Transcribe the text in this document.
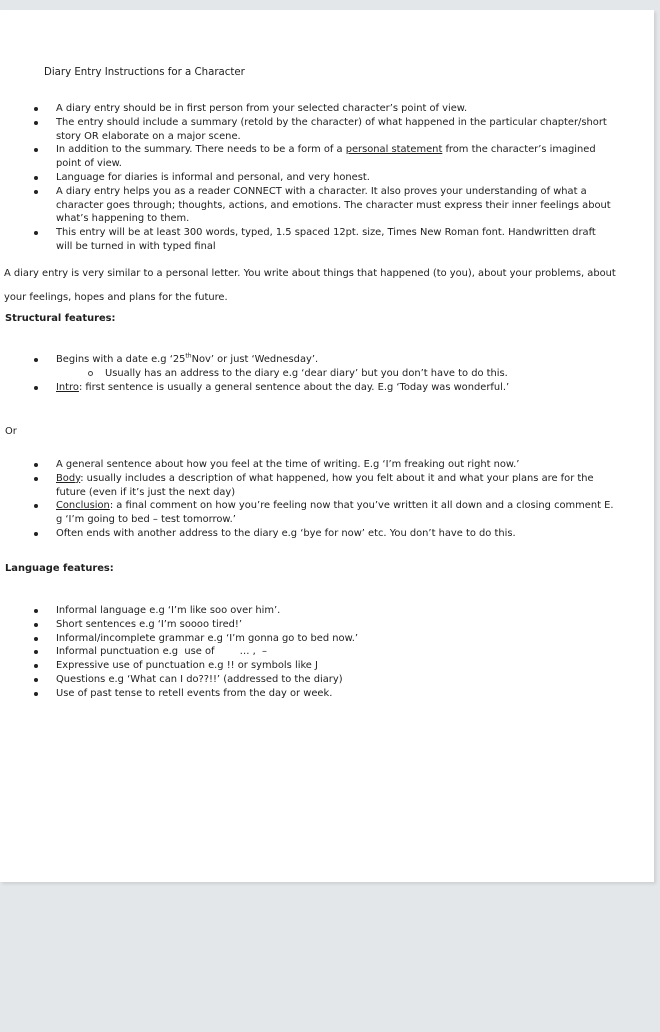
Diary Entry Instructions for a Character
A diary entry should be in first person from your selected character’s point of view.
The entry should include a summary (retold by the character) of what happened in the particular chapter/short story OR elaborate on a major scene.
In addition to the summary. There needs to be a form of a personal statement from the character’s imagined point of view.
Language for diaries is informal and personal, and very honest.
A diary entry helps you as a reader CONNECT with a character. It also proves your understanding of what a character goes through; thoughts, actions, and emotions. The character must express their inner feelings about what’s happening to them.
This entry will be at least 300 words, typed, 1.5 spaced 12pt. size, Times New Roman font. Handwritten draft will be turned in with typed final
A diary entry is very similar to a personal letter. You write about things that happened (to you), about your problems, about your feelings, hopes and plans for the future.
Structural features:
Begins with a date e.g ‘25thNov’ or just ‘Wednesday’.
Usually has an address to the diary e.g ‘dear diary’ but you don’t have to do this.
Intro: first sentence is usually a general sentence about the day. E.g ‘Today was wonderful.’
Or
A general sentence about how you feel at the time of writing. E.g ‘I’m freaking out right now.’
Body: usually includes a description of what happened, how you felt about it and what your plans are for the future (even if it’s just the next day)
Conclusion: a final comment on how you’re feeling now that you’ve written it all down and a closing comment E. g ‘I’m going to bed – test tomorrow.’
Often ends with another address to the diary e.g ‘bye for now’ etc. You don’t have to do this.
Language features:
Informal language e.g ‘I’m like soo over him’.
Short sentences e.g ‘I’m soooo tired!’
Informal/incomplete grammar e.g ‘I’m gonna go to bed now.’
Informal punctuation e.g  use of        … ,  –
Expressive use of punctuation e.g !! or symbols like J
Questions e.g ‘What can I do??!!’ (addressed to the diary)
Use of past tense to retell events from the day or week.
